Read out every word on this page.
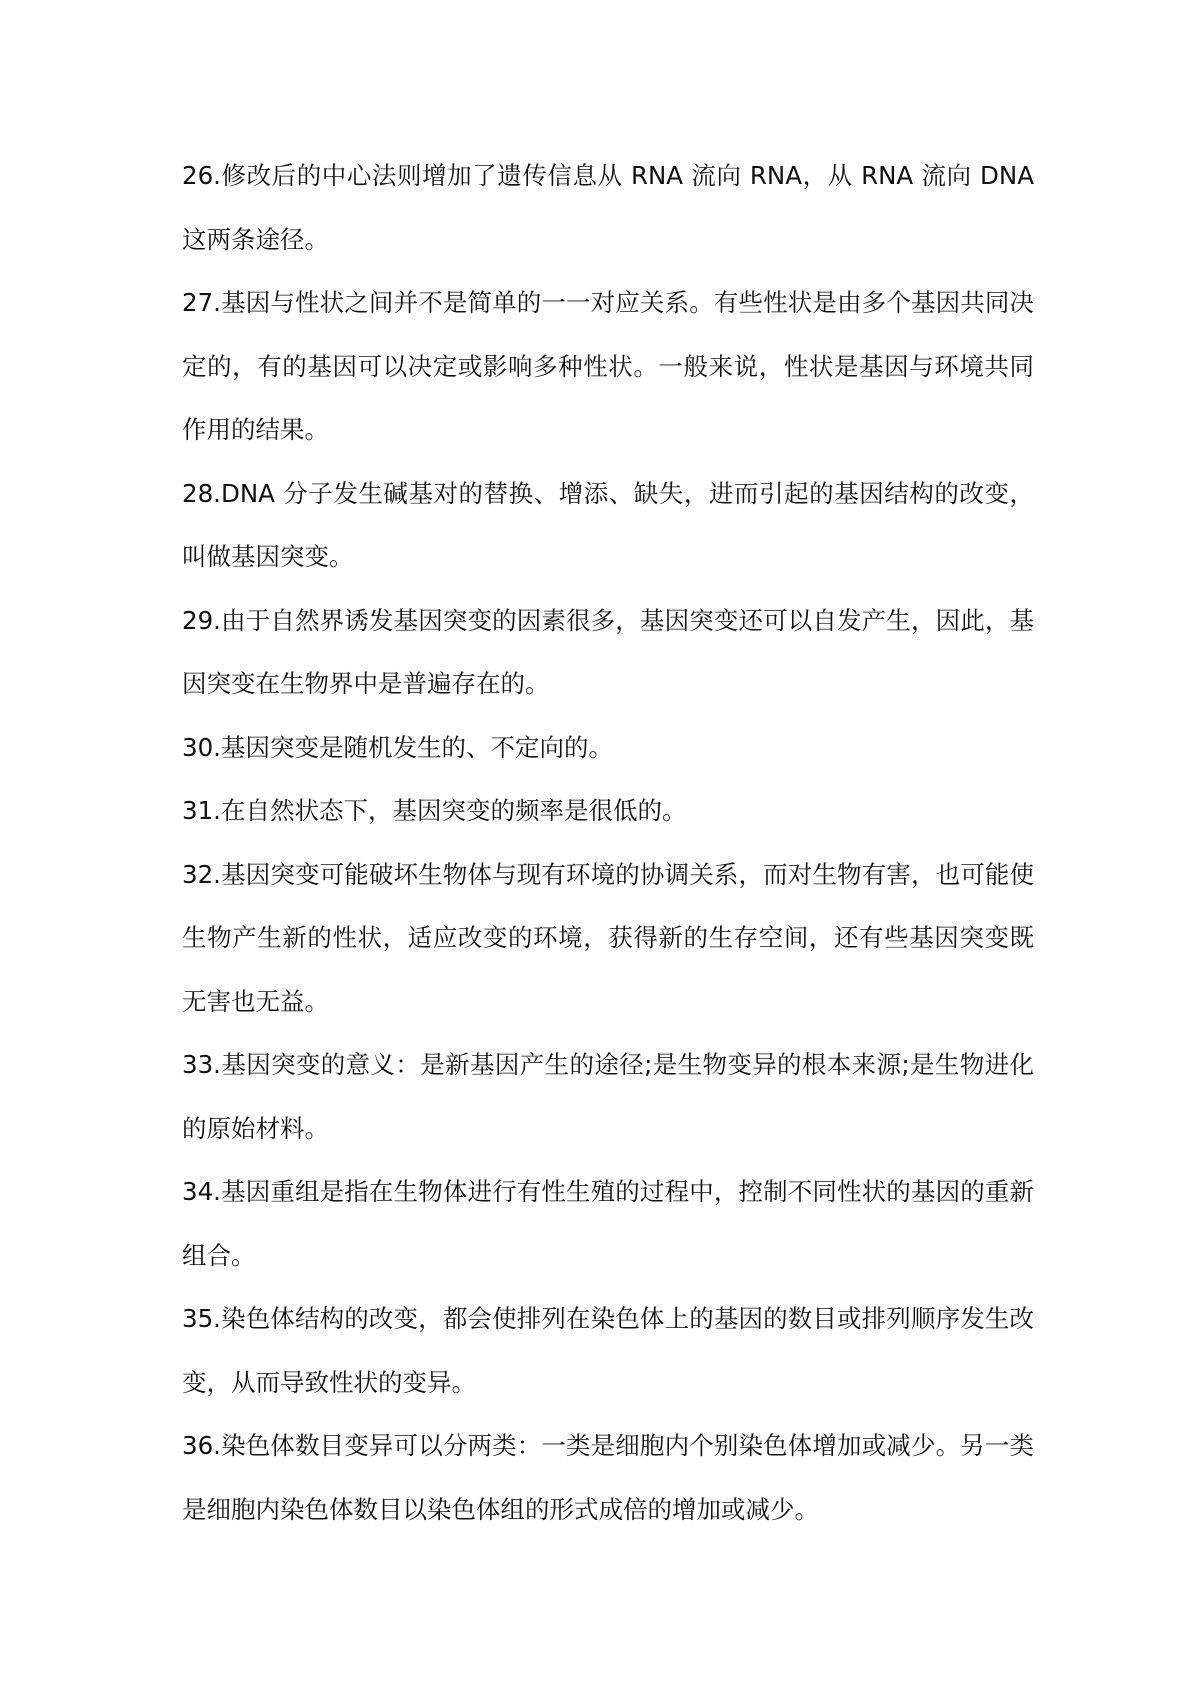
26.修改后的中心法则增加了遗传信息从 RNA 流向 RNA，从 RNA 流向 DNA 这两条途径。

27.基因与性状之间并不是简单的一一对应关系。有些性状是由多个基因共同决定的，有的基因可以决定或影响多种性状。一般来说，性状是基因与环境共同作用的结果。

28.DNA 分子发生碱基对的替换、增添、缺失，进而引起的基因结构的改变，叫做基因突变。

29.由于自然界诱发基因突变的因素很多，基因突变还可以自发产生，因此，基因突变在生物界中是普遍存在的。

30.基因突变是随机发生的、不定向的。

31.在自然状态下，基因突变的频率是很低的。

32.基因突变可能破坏生物体与现有环境的协调关系，而对生物有害，也可能使生物产生新的性状，适应改变的环境，获得新的生存空间，还有些基因突变既无害也无益。

33.基因突变的意义：是新基因产生的途径;是生物变异的根本来源;是生物进化的原始材料。

34.基因重组是指在生物体进行有性生殖的过程中，控制不同性状的基因的重新组合。

35.染色体结构的改变，都会使排列在染色体上的基因的数目或排列顺序发生改变，从而导致性状的变异。

36.染色体数目变异可以分两类：一类是细胞内个别染色体增加或减少。另一类是细胞内染色体数目以染色体组的形式成倍的增加或减少。
